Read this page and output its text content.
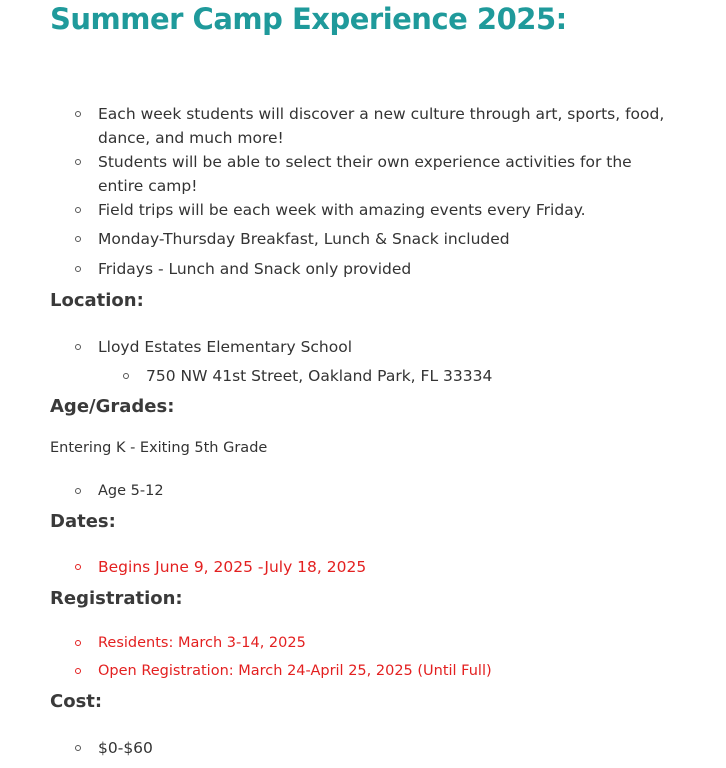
Summer Camp Experience 2025:
Each week students will discover a new culture through art, sports, food, dance, and much more!
Students will be able to select their own experience activities for the entire camp!
Field trips will be each week with amazing events every Friday.
Monday-Thursday Breakfast, Lunch & Snack included
Fridays - Lunch and Snack only provided
Location:
Lloyd Estates Elementary School
750 NW 41st Street, Oakland Park, FL 33334
Age/Grades:
Entering K - Exiting 5th Grade
Age 5-12
Dates:
Begins June 9, 2025 -July 18, 2025
Registration:
Residents: March 3-14, 2025
Open Registration: March 24-April 25, 2025 (Until Full)
Cost:
$0-$60
